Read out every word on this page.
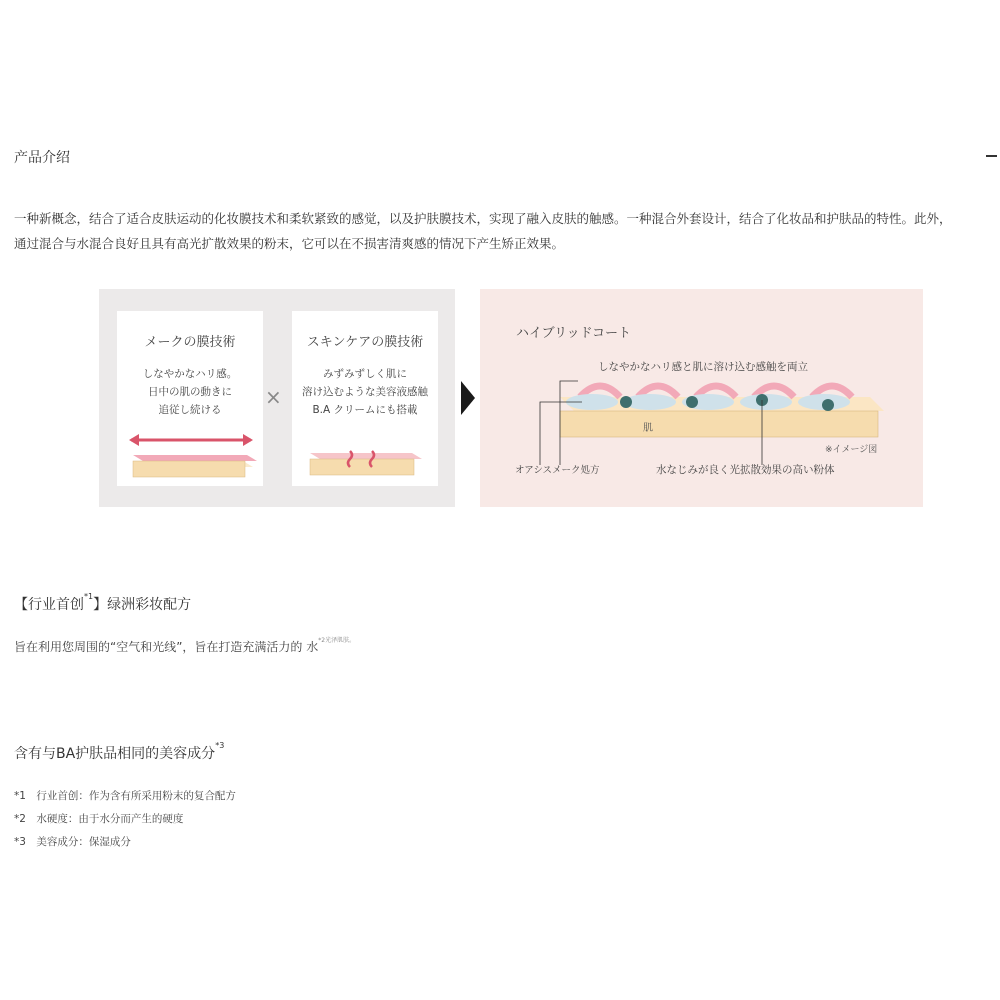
产品介绍
一种新概念，结合了适合皮肤运动的化妆膜技术和柔软紧致的感觉，以及护肤膜技术，实现了融入皮肤的触感。一种混合外套设计，结合了化妆品和护肤品的特性。此外，
通过混合与水混合良好且具有高光扩散效果的粉末，它可以在不损害清爽感的情况下产生矫正效果。
メークの膜技術
しなやかなハリ感。
日中の肌の動きに
追従し続ける
×
スキンケアの膜技術
みずみずしく肌に
溶け込むような美容液感触
B.A クリームにも搭載
ハイブリッドコート
しなやかなハリ感と肌に溶け込む感触を両立
肌
※イメージ図
オアシスメーク処方	水なじみが良く光拡散効果の高い粉体
【行业首创$^{*1}$】绿洲彩妆配方
旨在利用您周围的“空气和光线”，旨在打造充满活力的 水$^{*2光泽肌肤。}$
含有与BA护肤品相同的美容成分$^{*3}$
*1　行业首创：作为含有所采用粉末的复合配方
*2　水硬度：由于水分而产生的硬度
*3　美容成分：保湿成分
